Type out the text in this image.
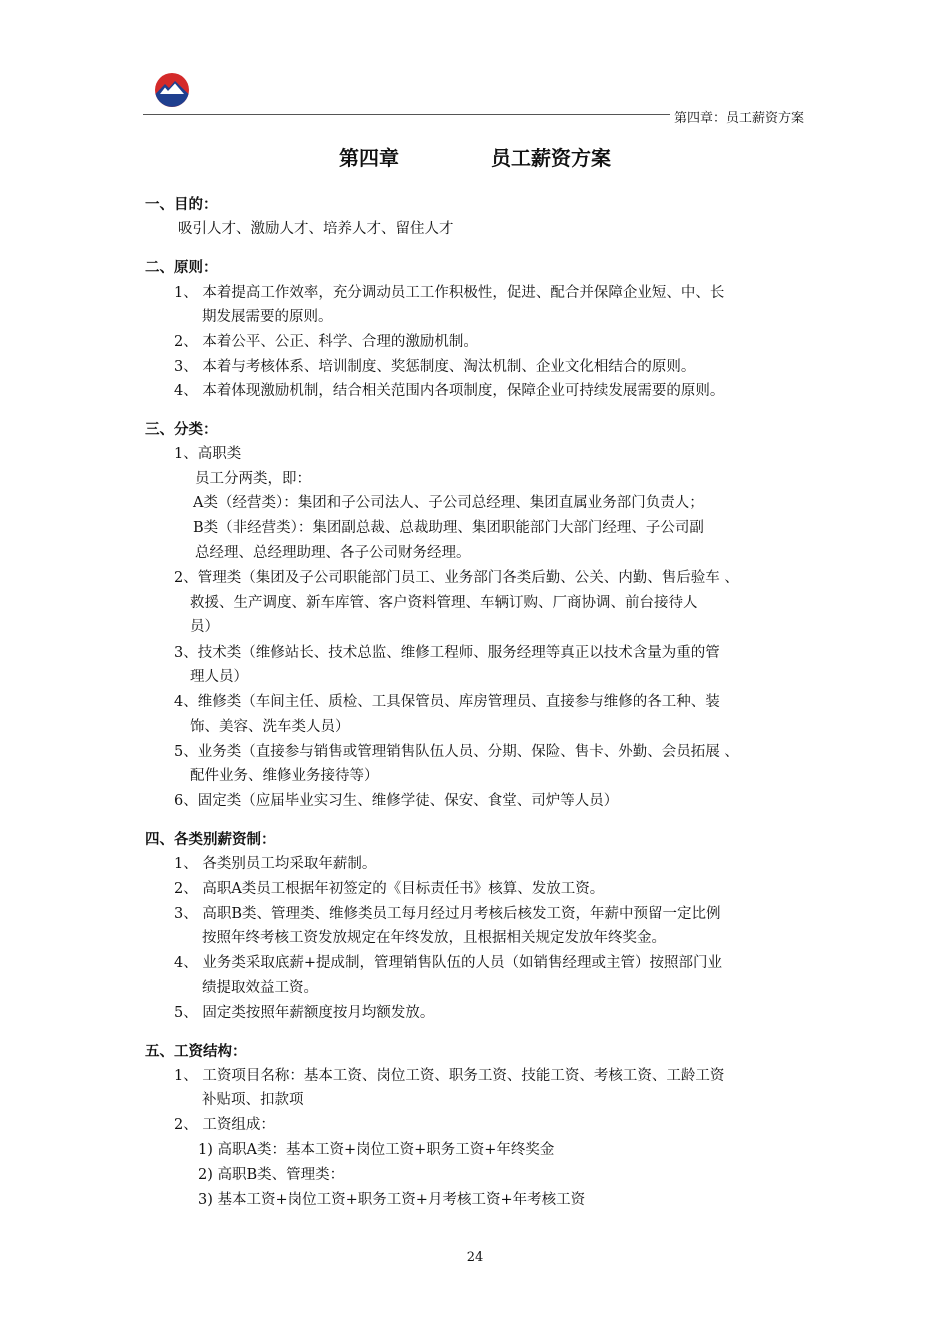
第四章：员工薪资方案
第四章	员工薪资方案
一、目的：
吸引人才、激励人才、培养人才、留住人才
二、原则：
1、 本着提高工作效率，充分调动员工工作积极性，促进、配合并保障企业短、中、长
期发展需要的原则。
2、 本着公平、公正、科学、合理的激励机制。
3、 本着与考核体系、培训制度、奖惩制度、淘汰机制、企业文化相结合的原则。
4、 本着体现激励机制，结合相关范围内各项制度，保障企业可持续发展需要的原则。
三、分类：
1、高职类
员工分两类，即：
A类（经营类）：集团和子公司法人、子公司总经理、集团直属业务部门负责人；
B类（非经营类）：集团副总裁、总裁助理、集团职能部门大部门经理、子公司副
总经理、总经理助理、各子公司财务经理。
2、管理类（集团及子公司职能部门员工、业务部门各类后勤、公关、内勤、售后验车 、
救援、生产调度、新车库管、客户资料管理、车辆订购、厂商协调、前台接待人
员）
3、技术类（维修站长、技术总监、维修工程师、服务经理等真正以技术含量为重的管
理人员）
4、维修类（车间主任、质检、工具保管员、库房管理员、直接参与维修的各工种、装
饰、美容、洗车类人员）
5、业务类（直接参与销售或管理销售队伍人员、分期、保险、售卡、外勤、会员拓展 、
配件业务、维修业务接待等）
6、固定类（应届毕业实习生、维修学徒、保安、食堂、司炉等人员）
四、各类别薪资制：
1、 各类别员工均采取年薪制。
2、 高职A类员工根据年初签定的《目标责任书》核算、发放工资。
3、 高职B类、管理类、维修类员工每月经过月考核后核发工资，年薪中预留一定比例
按照年终考核工资发放规定在年终发放，且根据相关规定发放年终奖金。
4、 业务类采取底薪+提成制，管理销售队伍的人员（如销售经理或主管）按照部门业
绩提取效益工资。
5、 固定类按照年薪额度按月均额发放。
五、工资结构：
1、 工资项目名称：基本工资、岗位工资、职务工资、技能工资、考核工资、工龄工资
补贴项、扣款项
2、 工资组成：
1) 高职A类：基本工资+岗位工资+职务工资+年终奖金
2) 高职B类、管理类：
3) 基本工资+岗位工资+职务工资+月考核工资+年考核工资
24
